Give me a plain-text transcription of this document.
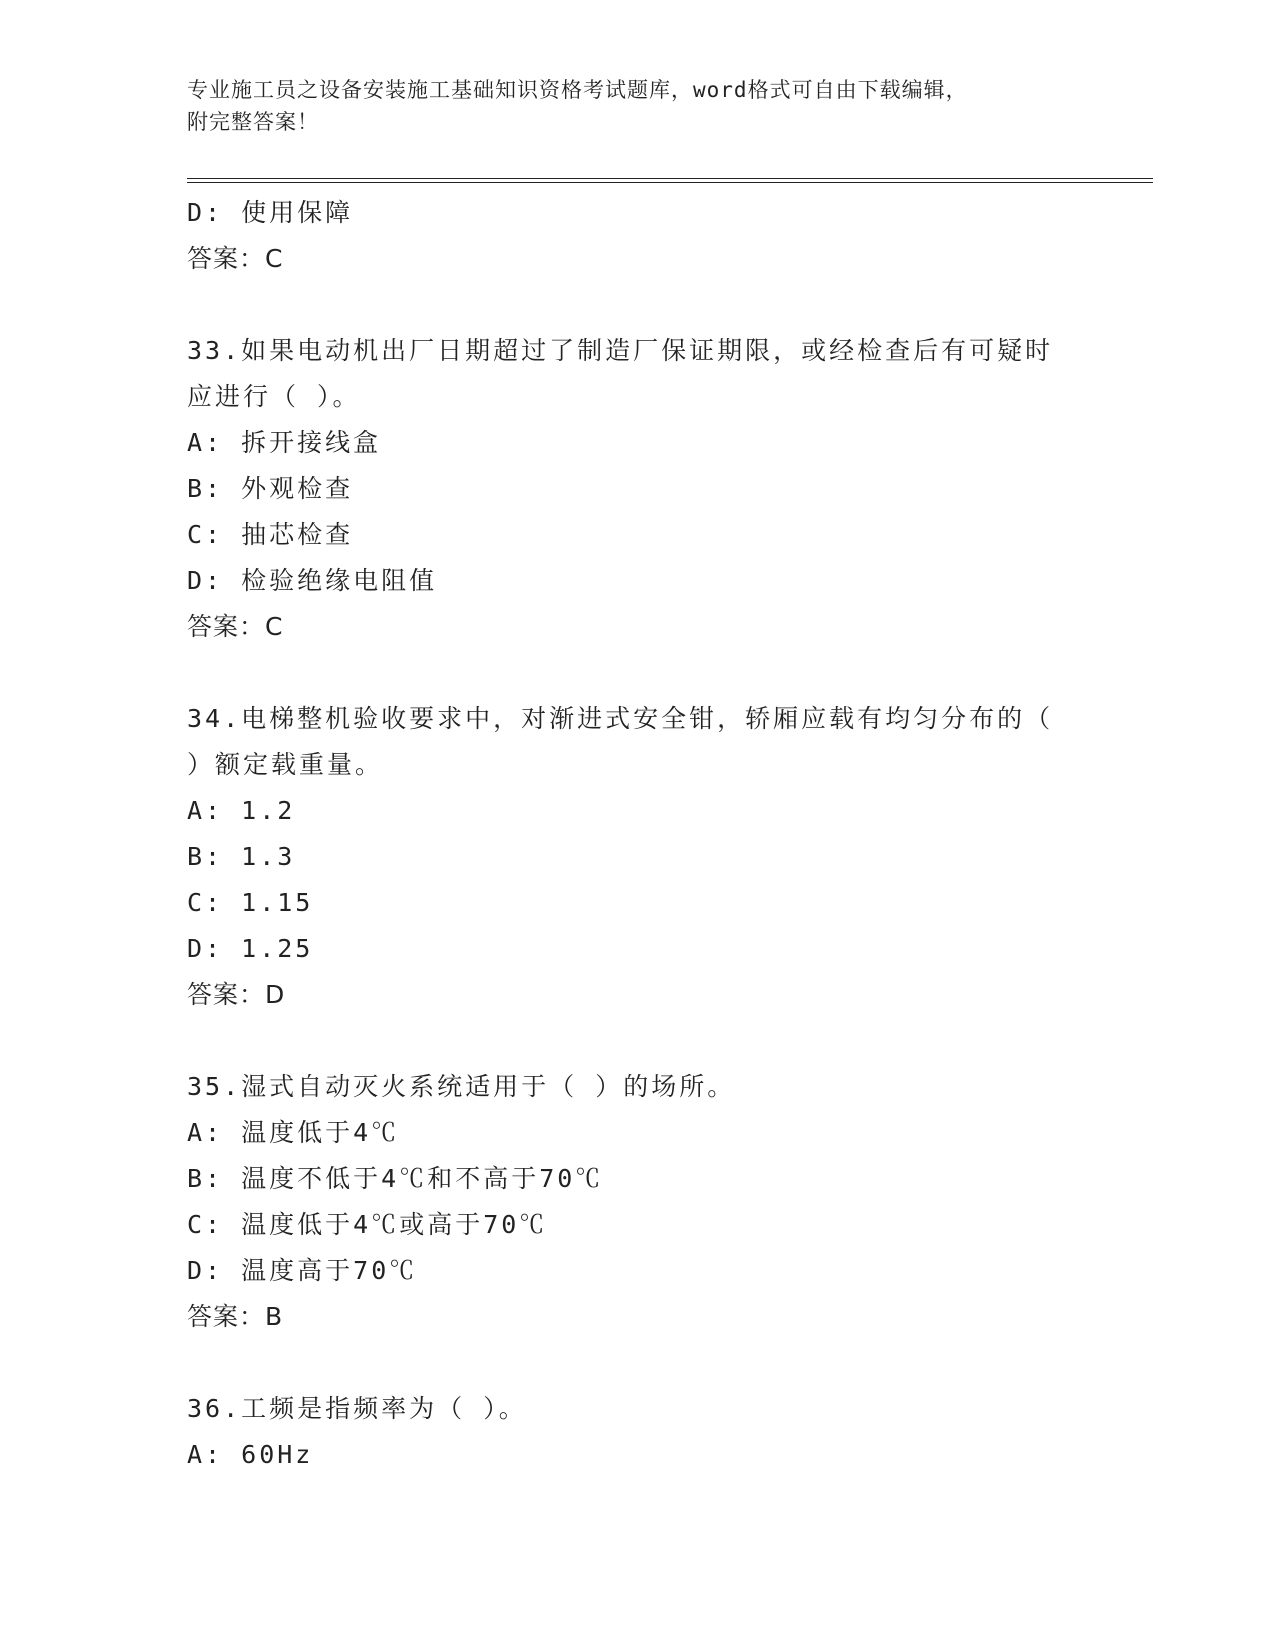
专业施工员之设备安装施工基础知识资格考试题库，word格式可自由下载编辑，
附完整答案！
D: 使用保障
答案：C
33.如果电动机出厂日期超过了制造厂保证期限，或经检查后有可疑时
应进行（ ）。
A: 拆开接线盒
B: 外观检查
C: 抽芯检查
D: 检验绝缘电阻值
答案：C
34.电梯整机验收要求中，对渐进式安全钳，轿厢应载有均匀分布的（
）额定载重量。
A: 1.2
B: 1.3
C: 1.15
D: 1.25
答案：D
35.湿式自动灭火系统适用于（ ）的场所。
A: 温度低于4℃
B: 温度不低于4℃和不高于70℃
C: 温度低于4℃或高于70℃
D: 温度高于70℃
答案：B
36.工频是指频率为（ ）。
A: 60Hz
